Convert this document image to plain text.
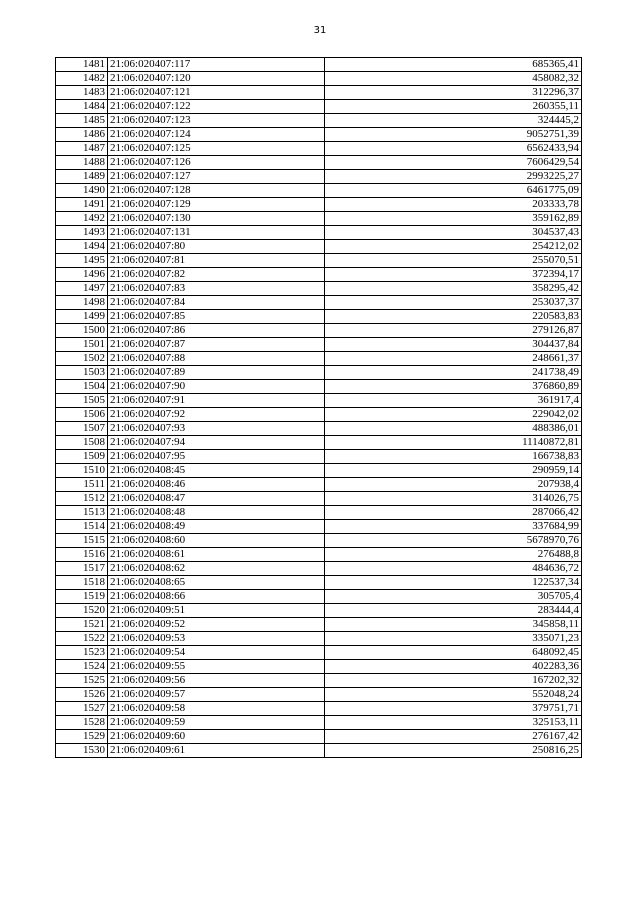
31
1481	21:06:020407:117	685365,41
1482	21:06:020407:120	458082,32
1483	21:06:020407:121	312296,37
1484	21:06:020407:122	260355,11
1485	21:06:020407:123	324445,2
1486	21:06:020407:124	9052751,39
1487	21:06:020407:125	6562433,94
1488	21:06:020407:126	7606429,54
1489	21:06:020407:127	2993225,27
1490	21:06:020407:128	6461775,09
1491	21:06:020407:129	203333,78
1492	21:06:020407:130	359162,89
1493	21:06:020407:131	304537,43
1494	21:06:020407:80	254212,02
1495	21:06:020407:81	255070,51
1496	21:06:020407:82	372394,17
1497	21:06:020407:83	358295,42
1498	21:06:020407:84	253037,37
1499	21:06:020407:85	220583,83
1500	21:06:020407:86	279126,87
1501	21:06:020407:87	304437,84
1502	21:06:020407:88	248661,37
1503	21:06:020407:89	241738,49
1504	21:06:020407:90	376860,89
1505	21:06:020407:91	361917,4
1506	21:06:020407:92	229042,02
1507	21:06:020407:93	488386,01
1508	21:06:020407:94	11140872,81
1509	21:06:020407:95	166738,83
1510	21:06:020408:45	290959,14
1511	21:06:020408:46	207938,4
1512	21:06:020408:47	314026,75
1513	21:06:020408:48	287066,42
1514	21:06:020408:49	337684,99
1515	21:06:020408:60	5678970,76
1516	21:06:020408:61	276488,8
1517	21:06:020408:62	484636,72
1518	21:06:020408:65	122537,34
1519	21:06:020408:66	305705,4
1520	21:06:020409:51	283444,4
1521	21:06:020409:52	345858,11
1522	21:06:020409:53	335071,23
1523	21:06:020409:54	648092,45
1524	21:06:020409:55	402283,36
1525	21:06:020409:56	167202,32
1526	21:06:020409:57	552048,24
1527	21:06:020409:58	379751,71
1528	21:06:020409:59	325153,11
1529	21:06:020409:60	276167,42
1530	21:06:020409:61	250816,25
